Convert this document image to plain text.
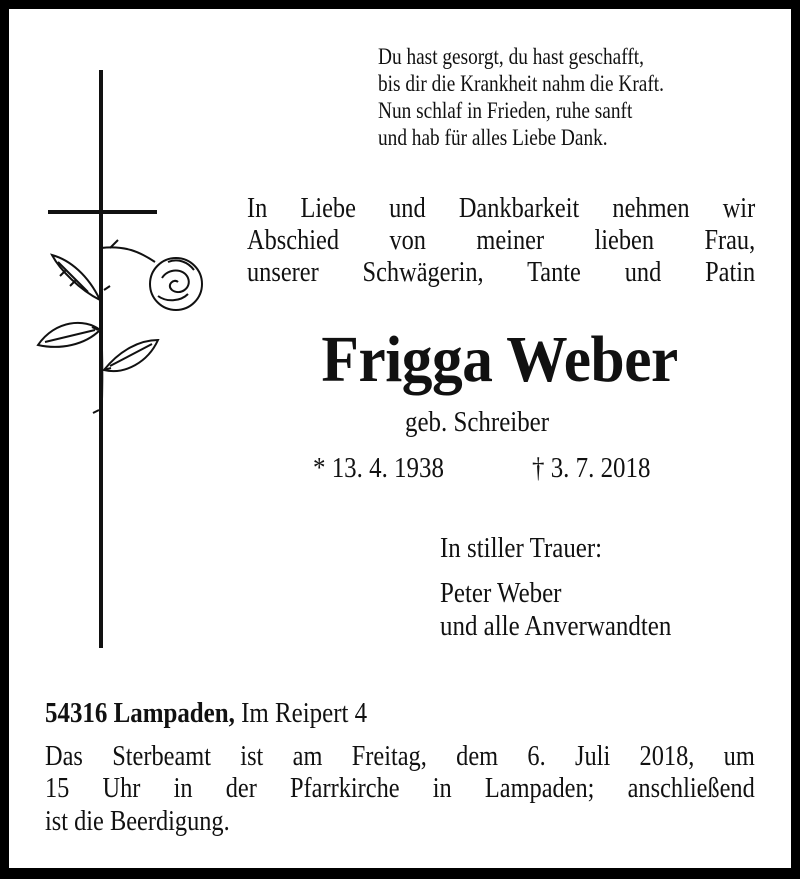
Du hast gesorgt, du hast geschafft,
bis dir die Krankheit nahm die Kraft.
Nun schlaf in Frieden, ruhe sanft
und hab für alles Liebe Dank.
In Liebe und Dankbarkeit nehmen wir
Abschied von meiner lieben Frau,
unserer Schwägerin, Tante und Patin
Frigga Weber
geb. Schreiber
* 13. 4. 1938	† 3. 7. 2018
In stiller Trauer:
Peter Weber
und alle Anverwandten
54316 Lampaden, Im Reipert 4
Das Sterbeamt ist am Freitag, dem 6. Juli 2018, um
15 Uhr in der Pfarrkirche in Lampaden; anschließend
ist die Beerdigung.
